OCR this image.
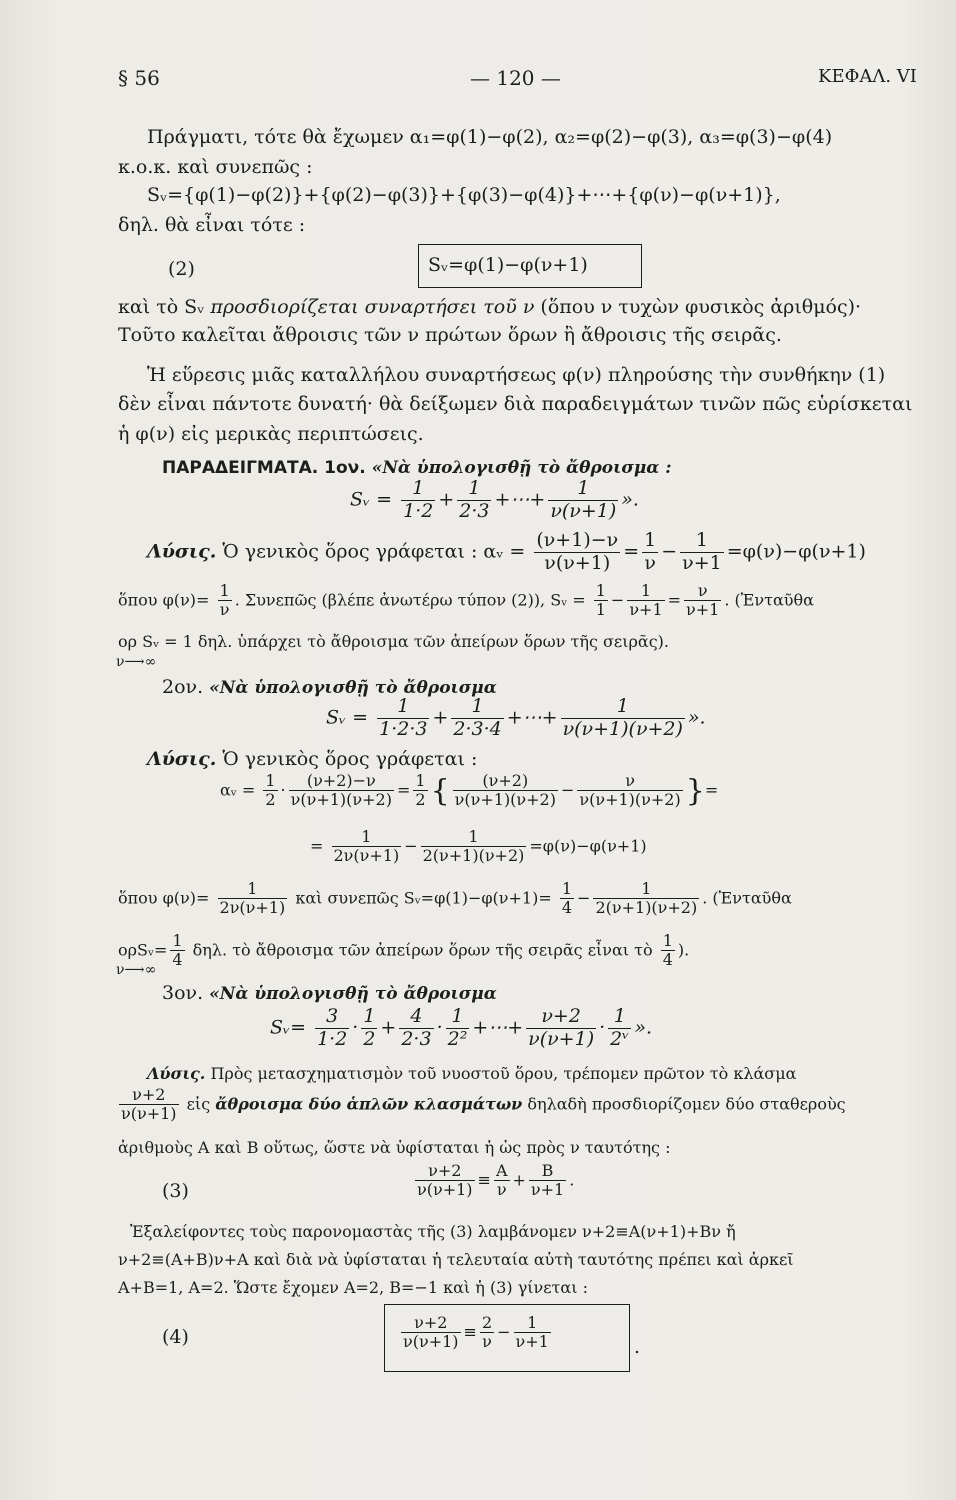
§ 56	— 120 —	ΚΕΦΑΛ. VI
Πράγματι, τότε θὰ ἔχωμεν α₁=φ(1)−φ(2), α₂=φ(2)−φ(3), α₃=φ(3)−φ(4)
κ.ο.κ. καὶ συνεπῶς :
Sᵥ={φ(1)−φ(2)}+{φ(2)−φ(3)}+{φ(3)−φ(4)}+⋯+{φ(ν)−φ(ν+1)},
δηλ. θὰ εἶναι τότε :
(2)	Sᵥ=φ(1)−φ(ν+1)
καὶ τὸ Sᵥ προσδιορίζεται συναρτήσει τοῦ ν (ὅπου ν τυχὼν φυσικὸς ἀριθμός)·
Τοῦτο καλεῖται ἄθροισις τῶν ν πρώτων ὅρων ἢ ἄθροισις τῆς σειρᾶς.
Ἡ εὕρεσις μιᾶς καταλλήλου συναρτήσεως φ(ν) πληρούσης τὴν συνθήκην (1)
δὲν εἶναι πάντοτε δυνατή· θὰ δείξωμεν διὰ παραδειγμάτων τινῶν πῶς εὑρίσκεται
ἡ φ(ν) εἰς μερικὰς περιπτώσεις.
ΠΑΡΑΔΕΙΓΜΑΤΑ. 1ον. «Νὰ ὑπολογισθῇ τὸ ἄθροισμα :
Sᵥ = $\frac{1}{1\cdot 2} + \frac{1}{2\cdot 3}$ +⋯+ $\frac{1}{\nu(\nu+1)}$ ».
Λύσις. Ὁ γενικὸς ὅρος γράφεται : αᵥ = $\frac{(\nu+1)-\nu}{\nu(\nu+1)} = \frac{1}{\nu} - \frac{1}{\nu+1} =\varphi(\nu)-\varphi(\nu+1)$
ὅπου $\varphi(\nu)= \frac{1}{\nu}$ . Συνεπῶς (βλέπε ἀνωτέρω τύπον (2)), Sᵥ = $\frac{1}{1} - \frac{1}{\nu+1} = \frac{\nu}{\nu+1}$ . (Ἐνταῦθα
ορ Sᵥ = 1 δηλ. ὑπάρχει τὸ ἄθροισμα τῶν ἀπείρων ὅρων τῆς σειρᾶς).
ν⟶∞
2ον. «Νὰ ὑπολογισθῇ τὸ ἄθροισμα
Sᵥ = $\frac{1}{1\cdot 2\cdot 3} + \frac{1}{2\cdot 3\cdot 4}$ +⋯+ $\frac{1}{\nu(\nu+1)(\nu+2)}$ ».
Λύσις. Ὁ γενικὸς ὅρος γράφεται :
αᵥ = $\frac{1}{2} \cdot \frac{(\nu+2)-\nu}{\nu(\nu+1)(\nu+2)} = \frac{1}{2}$ { $\frac{(\nu+2)}{\nu(\nu+1)(\nu+2)} - \frac{\nu}{\nu(\nu+1)(\nu+2)}$ }=
= $\frac{1}{2\nu(\nu+1)} - \frac{1}{2(\nu+1)(\nu+2)} =\varphi(\nu)-\varphi(\nu+1)$
ὅπου $\varphi(\nu)= \frac{1}{2\nu(\nu+1)}$ καὶ συνεπῶς Sᵥ=φ(1)−φ(ν+1)= $\frac{1}{4} - \frac{1}{2(\nu+1)(\nu+2)}$ . (Ἐνταῦθα
ορSᵥ= $\frac{1}{4} \delta\eta\lambda$. τὸ ἄθροισμα τῶν ἀπείρων ὅρων τῆς σειρᾶς εἶναι τὸ $\frac{1}{4}$ ).
ν⟶∞
3ον. «Νὰ ὑπολογισθῇ τὸ ἄθροισμα
Sᵥ= $\frac{3}{1\cdot 2} \cdot \frac{1}{2} + \frac{4}{2\cdot 3} \cdot \frac{1}{\text{2²}}$ +⋯+ $\frac{\nu+2}{\nu(\nu+1)} \cdot \frac{1}{\text{2ᵛ}}$ ».
Λύσις. Πρὸς μετασχηματισμὸν τοῦ νυοστοῦ ὅρου, τρέπομεν πρῶτον τὸ κλάσμα
$\frac{\nu+2}{\nu(\nu+1)}$ εἰς ἄθροισμα δύο ἁπλῶν κλασμάτων δηλαδὴ προσδιορίζομεν δύο σταθεροὺς
ἀριθμοὺς Α καὶ Β οὕτως, ὥστε νὰ ὑφίσταται ἡ ὡς πρὸς ν ταυτότης :
(3)	$\frac{\nu+2}{\nu(\nu+1)} \equiv \frac{A}{\nu} + \frac{B}{\nu+1}$ .
Ἐξαλείφοντες τοὺς παρονομαστὰς τῆς (3) λαμβάνομεν ν+2≡Α(ν+1)+Βν ἤ
ν+2≡(Α+Β)ν+Α καὶ διὰ νὰ ὑφίσταται ἡ τελευταία αὐτὴ ταυτότης πρέπει καὶ ἀρκεῖ
Α+Β=1, Α=2. Ὥστε ἔχομεν Α=2, Β=−1 καὶ ἡ (3) γίνεται :
(4)	$\frac{\nu+2}{\nu(\nu+1)} \equiv \frac{2}{\nu} - \frac{1}{\nu+1}$	.
